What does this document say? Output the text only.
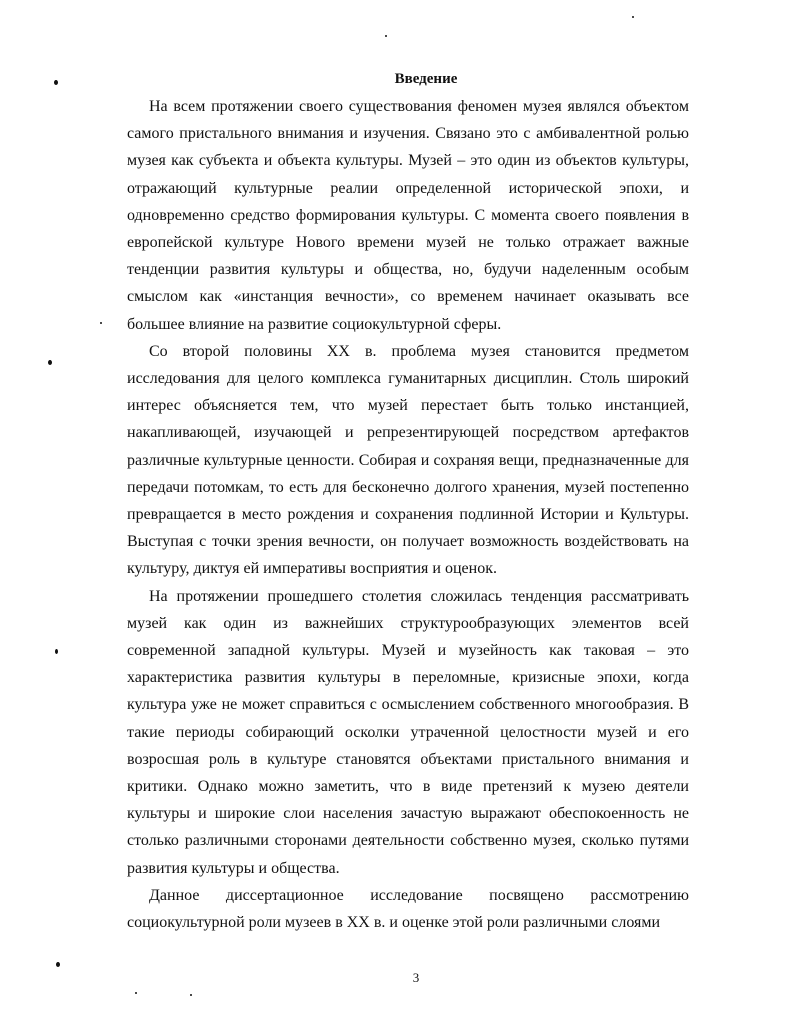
Введение

На всем протяжении своего существования феномен музея являлся объектом самого пристального внимания и изучения. Связано это с амбивалентной ролью музея как субъекта и объекта культуры. Музей – это один из объектов культуры, отражающий культурные реалии определенной исторической эпохи, и одновременно средство формирования культуры. С момента своего появления в европейской культуре Нового времени музей не только отражает важные тенденции развития культуры и общества, но, будучи наделенным особым смыслом как «инстанция вечности», со временем начинает оказывать все большее влияние на развитие социокультурной сферы.

Со второй половины XX в. проблема музея становится предметом исследования для целого комплекса гуманитарных дисциплин. Столь широкий интерес объясняется тем, что музей перестает быть только инстанцией, накапливающей, изучающей и репрезентирующей посредством артефактов различные культурные ценности. Собирая и сохраняя вещи, предназначенные для передачи потомкам, то есть для бесконечно долгого хранения, музей постепенно превращается в место рождения и сохранения подлинной Истории и Культуры. Выступая с точки зрения вечности, он получает возможность воздействовать на культуру, диктуя ей императивы восприятия и оценок.

На протяжении прошедшего столетия сложилась тенденция рассматривать музей как один из важнейших структурообразующих элементов всей современной западной культуры. Музей и музейность как таковая – это характеристика развития культуры в переломные, кризисные эпохи, когда культура уже не может справиться с осмыслением собственного многообразия. В такие периоды собирающий осколки утраченной целостности музей и его возросшая роль в культуре становятся объектами пристального внимания и критики. Однако можно заметить, что в виде претензий к музею деятели культуры и широкие слои населения зачастую выражают обеспокоенность не столько различными сторонами деятельности собственно музея, сколько путями развития культуры и общества.

Данное диссертационное исследование посвящено рассмотрению социокультурной роли музеев в XX в. и оценке этой роли различными слоями

3
